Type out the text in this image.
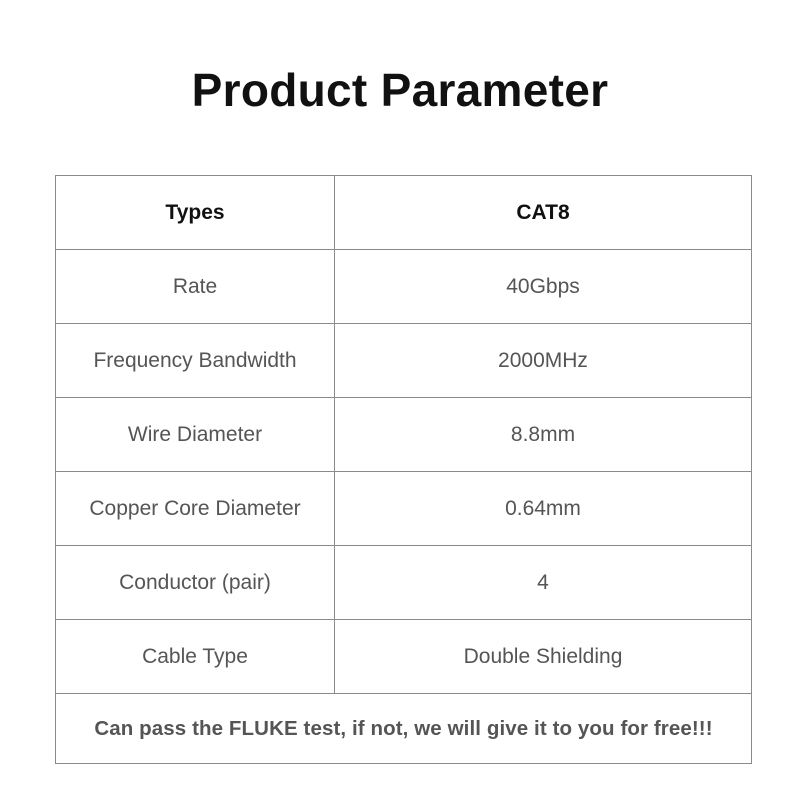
Product Parameter
Types	CAT8
Rate	40Gbps
Frequency Bandwidth	2000MHz
Wire Diameter	8.8mm
Copper Core Diameter	0.64mm
Conductor (pair)	4
Cable Type	Double Shielding
Can pass the FLUKE test, if not, we will give it to you for free!!!	
